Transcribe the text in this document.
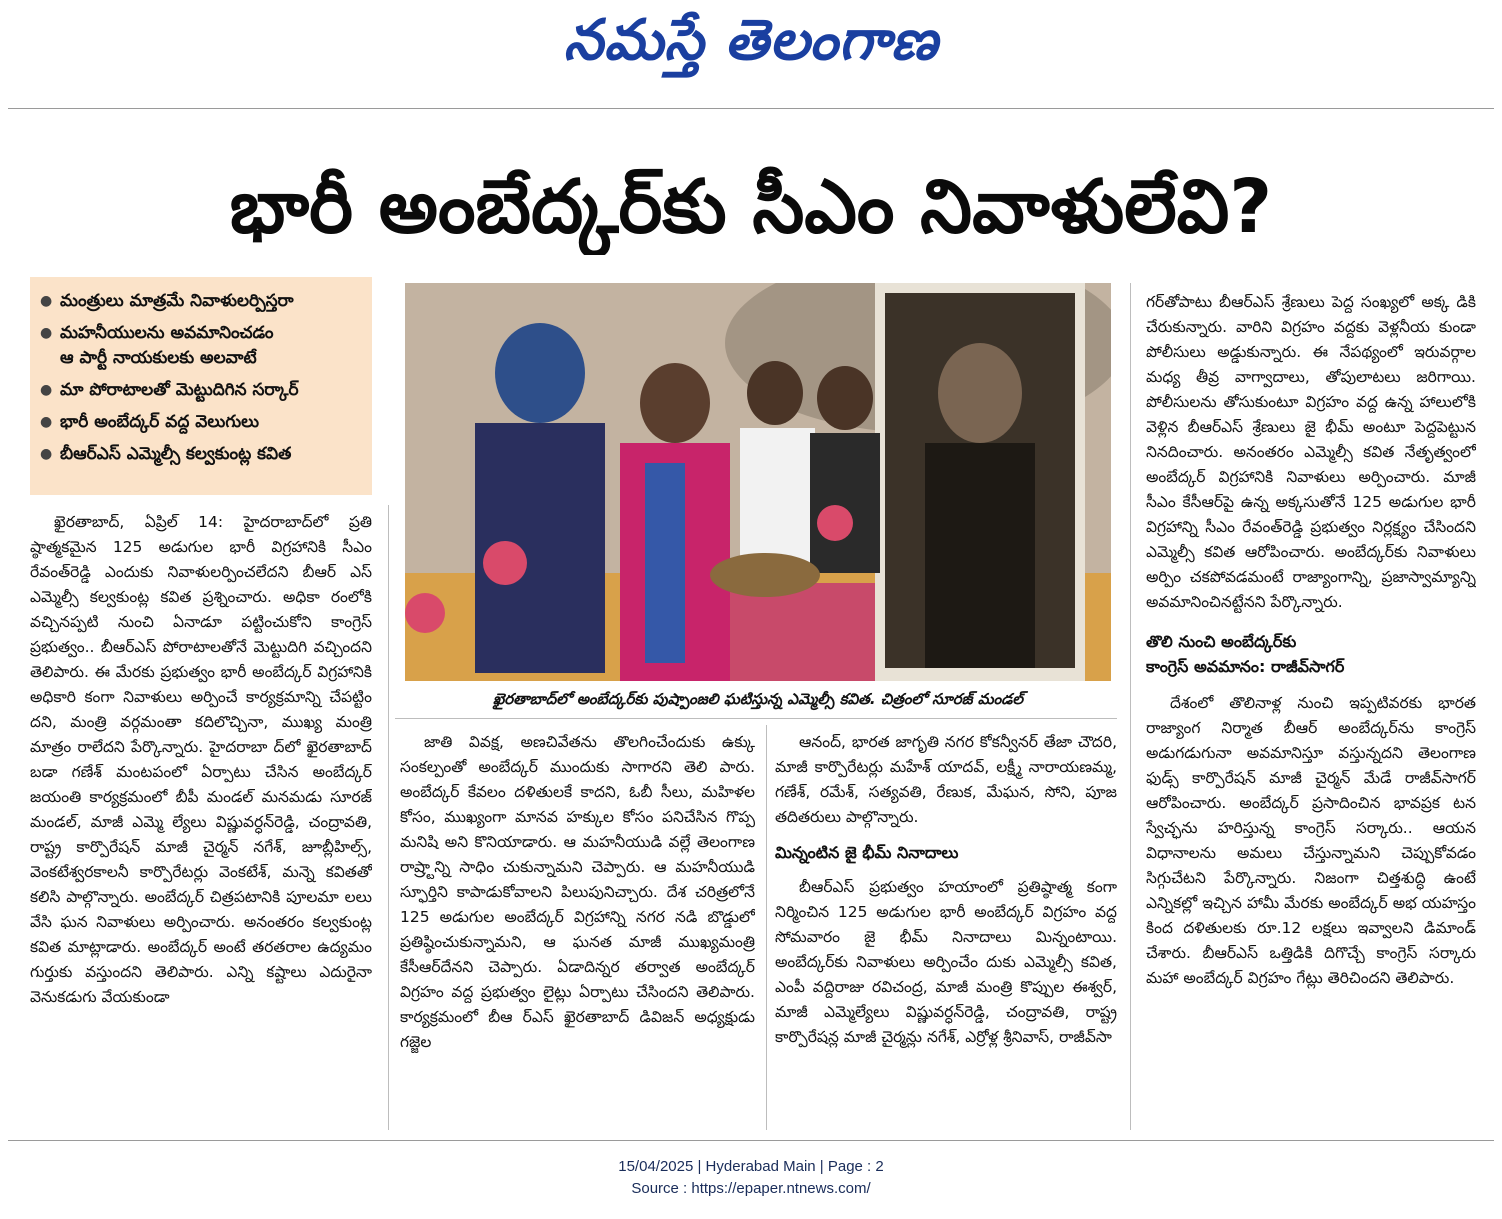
నమస్తే తెలంగాణ
భారీ అంబేద్కర్‌కు సీఎం నివాళులేవి?
● మంత్రులు మాత్రమే నివాళులర్పిస్తరా
● మహనీయులను అవమానించడం
ఆ పార్టీ నాయకులకు అలవాటే
● మా పోరాటాలతో మెట్టుదిగిన సర్కార్
● భారీ అంబేద్కర్ వద్ద వెలుగులు
● బీఆర్‌ఎస్ ఎమ్మెల్సీ కల్వకుంట్ల కవిత

ఖైరతాబాద్, ఏప్రిల్ 14: హైదరాబాద్‌లో ప్రతి ష్ఠాత్మకమైన 125 అడుగుల భారీ విగ్రహానికి సీఎం రేవంత్‌రెడ్డి ఎందుకు నివాళులర్పించలేదని బీఆర్ ఎస్ ఎమ్మెల్సీ కల్వకుంట్ల కవిత ప్రశ్నించారు. అధికా రంలోకి వచ్చినప్పటి నుంచి ఏనాడూ పట్టించుకోని కాంగ్రెస్ ప్రభుత్వం.. బీఆర్‌ఎస్ పోరాటాలతోనే మెట్టుదిగి వచ్చిందని తెలిపారు. ఈ మేరకు ప్రభుత్వం భారీ అంబేద్కర్ విగ్రహానికి అధికారి కంగా నివాళులు అర్పించే కార్యక్రమాన్ని చేపట్టిం దని, మంత్రి వర్గమంతా కదిలొచ్చినా, ముఖ్య మంత్రి మాత్రం రాలేదని పేర్కొన్నారు. హైదరాబా ద్‌లో ఖైరతాబాద్ బడా గణేశ్ మంటపంలో ఏర్పాటు చేసిన అంబేద్కర్ జయంతి కార్యక్రమంలో బీపీ మండల్ మనమడు సూరజ్ మండల్, మాజీ ఎమ్మె ల్యేలు విష్ణువర్ధన్‌రెడ్డి, చంద్రావతి, రాష్ట్ర కార్పొరేషన్ మాజీ చైర్మన్ నగేశ్, జూబ్లీహిల్స్, వెంకటేశ్వరకాలనీ కార్పొరేటర్లు వెంకటేశ్, మన్నె కవితతో కలిసి పాల్గొన్నారు. అంబేద్కర్ చిత్రపటానికి పూలమా లలు వేసి ఘన నివాళులు అర్పించారు. అనంతరం కల్వకుంట్ల కవిత మాట్లాడారు. అంబేద్కర్ అంటే తరతరాల ఉద్యమం గుర్తుకు వస్తుందని తెలిపారు. ఎన్ని కష్టాలు ఎదురైనా వెనుకడుగు వేయకుండా

ఖైరతాబాద్‌లో అంబేద్కర్‌కు పుష్పాంజలి ఘటిస్తున్న ఎమ్మెల్సీ కవిత. చిత్రంలో సూరజ్ మండల్

జాతి వివక్ష, అణచివేతను తొలగించేందుకు ఉక్కు సంకల్పంతో అంబేద్కర్ ముందుకు సాగారని తెలి పారు. అంబేద్కర్ కేవలం దళితులకే కాదని, ఓబీ సీలు, మహిళల కోసం, ముఖ్యంగా మానవ హక్కుల కోసం పనిచేసిన గొప్ప మనిషి అని కొనియాడారు. ఆ మహనీయుడి వల్లే తెలంగాణ రాష్ర్టాన్ని సాధిం చుకున్నామని చెప్పారు. ఆ మహనీయుడి స్ఫూర్తిని కాపాడుకోవాలని పిలుపునిచ్చారు. దేశ చరిత్రలోనే 125 అడుగుల అంబేద్కర్ విగ్రహాన్ని నగర నడి బొడ్డులో ప్రతిష్ఠించుకున్నామని, ఆ ఘనత మాజీ ముఖ్యమంత్రి కేసీఆర్‌దేనని చెప్పారు. ఏడాదిన్నర తర్వాత అంబేద్కర్ విగ్రహం వద్ద ప్రభుత్వం లైట్లు ఏర్పాటు చేసిందని తెలిపారు. కార్యక్రమంలో బీఆ ర్‌ఎస్ ఖైరతాబాద్ డివిజన్ అధ్యక్షుడు గజ్జెల

ఆనంద్, భారత జాగృతి నగర కోకన్వీనర్ తేజా చౌదరి, మాజీ కార్పొరేటర్లు మహేశ్ యాదవ్, లక్ష్మీ నారాయణమ్మ, గణేశ్, రమేశ్, సత్యవతి, రేణుక, మేఘన, సోని, పూజ తదితరులు పాల్గొన్నారు.

మిన్నంటిన జై భీమ్ నినాదాలు

బీఆర్‌ఎస్ ప్రభుత్వం హయాంలో ప్రతిష్ఠాత్మ కంగా నిర్మించిన 125 అడుగుల భారీ అంబేద్కర్ విగ్రహం వద్ద సోమవారం జై భీమ్ నినాదాలు మిన్నంటాయి. అంబేద్కర్‌కు నివాళులు అర్పించేం దుకు ఎమ్మెల్సీ కవిత, ఎంపీ వద్దిరాజు రవిచంద్ర, మాజీ మంత్రి కొప్పుల ఈశ్వర్, మాజీ ఎమ్మెల్యేలు విష్ణువర్ధన్‌రెడ్డి, చంద్రావతి, రాష్ట్ర కార్పొరేషన్ల మాజీ చైర్మన్లు నగేశ్, ఎర్రోళ్ల శ్రీనివాస్, రాజీవ్‌సా

గర్‌తోపాటు బీఆర్‌ఎస్ శ్రేణులు పెద్ద సంఖ్యలో అక్క డికి చేరుకున్నారు. వారిని విగ్రహం వద్దకు వెళ్లనీయ కుండా పోలీసులు అడ్డుకున్నారు. ఈ నేపథ్యంలో ఇరువర్గాల మధ్య తీవ్ర వాగ్వాదాలు, తోపులాటలు జరిగాయి. పోలీసులను తోసుకుంటూ విగ్రహం వద్ద ఉన్న హాలులోకి వెళ్లిన బీఆర్‌ఎస్ శ్రేణులు జై భీమ్ అంటూ పెద్దపెట్టున నినదించారు. అనంతరం ఎమ్మెల్సీ కవిత నేతృత్వంలో అంబేద్కర్ విగ్రహానికి నివాళులు అర్పించారు. మాజీ సీఎం కేసీఆర్‌పై ఉన్న అక్కసుతోనే 125 అడుగుల భారీ విగ్రహాన్ని సీఎం రేవంత్‌రెడ్డి ప్రభుత్వం నిర్లక్ష్యం చేసిందని ఎమ్మెల్సీ కవిత ఆరోపించారు. అంబేద్కర్‌కు నివాళులు అర్పిం చకపోవడమంటే రాజ్యాంగాన్ని, ప్రజాస్వామ్యాన్ని అవమానించినట్టేనని పేర్కొన్నారు.

తొలి నుంచి అంబేద్కర్‌కు
కాంగ్రెస్ అవమానం: రాజీవ్‌సాగర్

దేశంలో తొలినాళ్ల నుంచి ఇప్పటివరకు భారత రాజ్యాంగ నిర్మాత బీఆర్ అంబేద్కర్‌ను కాంగ్రెస్ అడుగడుగునా అవమానిస్తూ వస్తున్నదని తెలంగాణ ఫుడ్స్ కార్పొరేషన్ మాజీ చైర్మన్ మేడే రాజీవ్‌సాగర్ ఆరోపించారు. అంబేద్కర్ ప్రసాదించిన భావప్రక టన స్వేచ్ఛను హరిస్తున్న కాంగ్రెస్ సర్కారు.. ఆయన విధానాలను అమలు చేస్తున్నామని చెప్పుకోవడం సిగ్గుచేటని పేర్కొన్నారు. నిజంగా చిత్తశుద్ధి ఉంటే ఎన్నికల్లో ఇచ్చిన హామీ మేరకు అంబేద్కర్ అభ యహస్తం కింద దళితులకు రూ.12 లక్షలు ఇవ్వాలని డిమాండ్ చేశారు. బీఆర్‌ఎస్ ఒత్తిడికి దిగొచ్చే కాంగ్రెస్ సర్కారు మహా అంబేద్కర్ విగ్రహం గేట్లు తెరిచిందని తెలిపారు.

15/04/2025 | Hyderabad Main | Page : 2
Source : https://epaper.ntnews.com/
